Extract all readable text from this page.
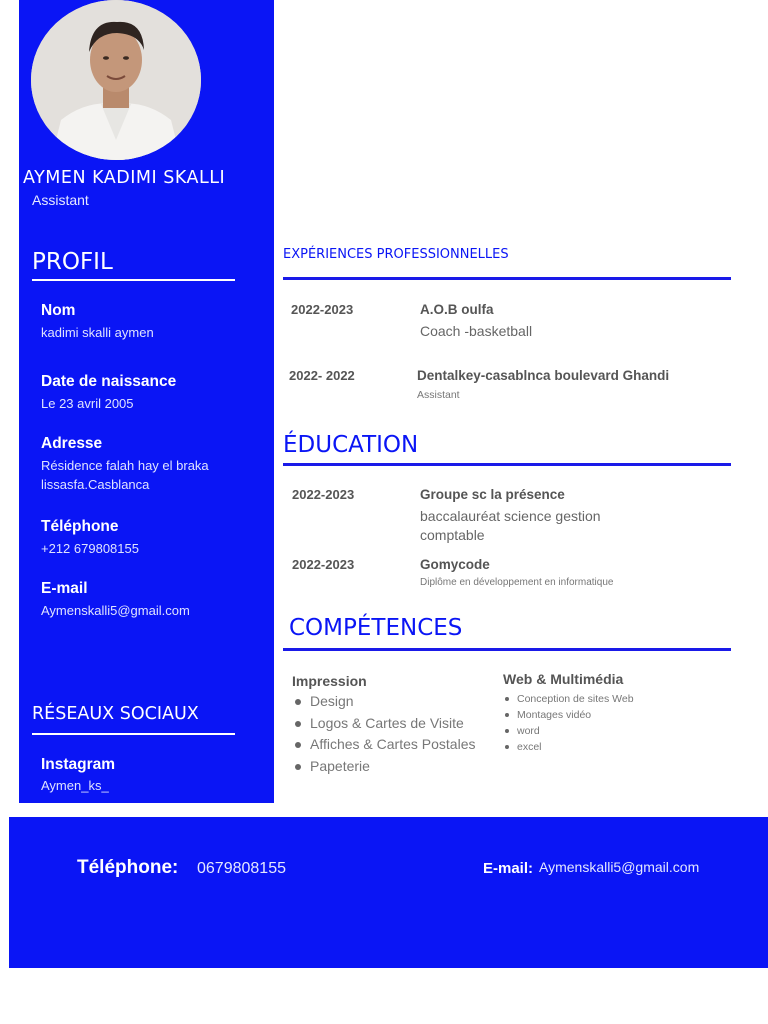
AYMEN KADIMI SKALLI
Assistant
PROFIL
Nom
kadimi skalli aymen
Date de naissance
Le 23 avril 2005
Adresse
Résidence falah hay el braka lissasfa.Casblanca
Téléphone
+212 679808155
E-mail
Aymenskalli5@gmail.com
RÉSEAUX SOCIAUX
Instagram
Aymen_ks_
EXPÉRIENCES PROFESSIONNELLES
2022-2023	A.O.B oulfa
Coach -basketball
2022- 2022	Dentalkey-casablnca boulevard Ghandi
Assistant
ÉDUCATION
2022-2023	Groupe sc la présence
baccalauréat science gestion comptable
2022-2023	Gomycode
Diplôme en développement en informatique
COMPÉTENCES
Impression
Design
Logos & Cartes de Visite
Affiches & Cartes Postales
Papeterie
Web & Multimédia
Conception de sites Web
Montages vidéo
word
excel
Téléphone: 0679808155	E-mail: Aymenskalli5@gmail.com
